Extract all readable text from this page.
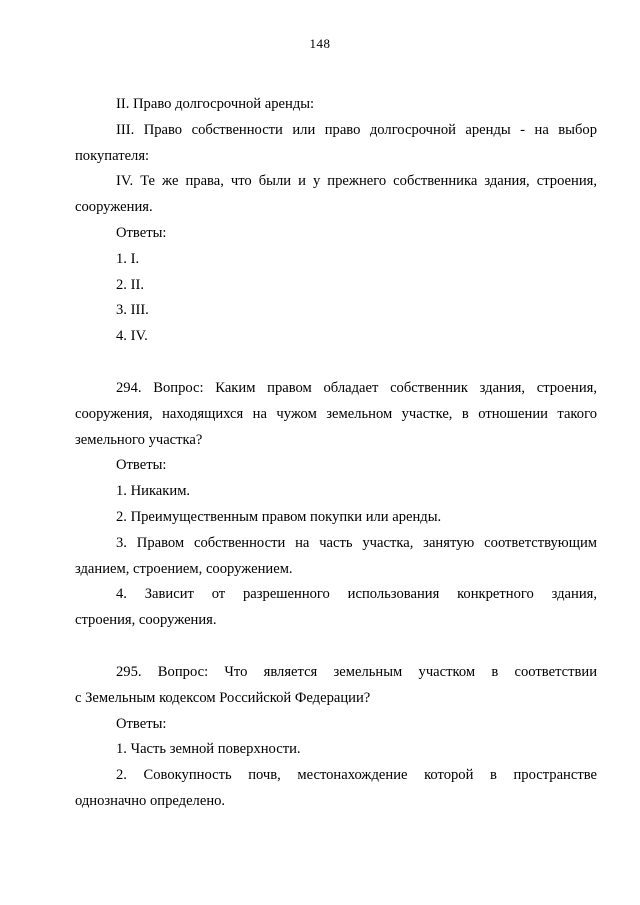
148
II. Право долгосрочной аренды:
III. Право собственности или право долгосрочной аренды - на выбор
покупателя:
IV. Те же права, что были и у прежнего собственника здания, строения,
сооружения.
Ответы:
1. I.
2. II.
3. III.
4. IV.
294. Вопрос: Каким правом обладает собственник здания, строения,
сооружения, находящихся на чужом земельном участке, в отношении такого
земельного участка?
Ответы:
1. Никаким.
2. Преимущественным правом покупки или аренды.
3. Правом собственности на часть участка, занятую соответствующим
зданием, строением, сооружением.
4. Зависит от разрешенного использования конкретного здания,
строения, сооружения.
295. Вопрос: Что является земельным участком в соответствии
с Земельным кодексом Российской Федерации?
Ответы:
1. Часть земной поверхности.
2. Совокупность почв, местонахождение которой в пространстве
однозначно определено.
